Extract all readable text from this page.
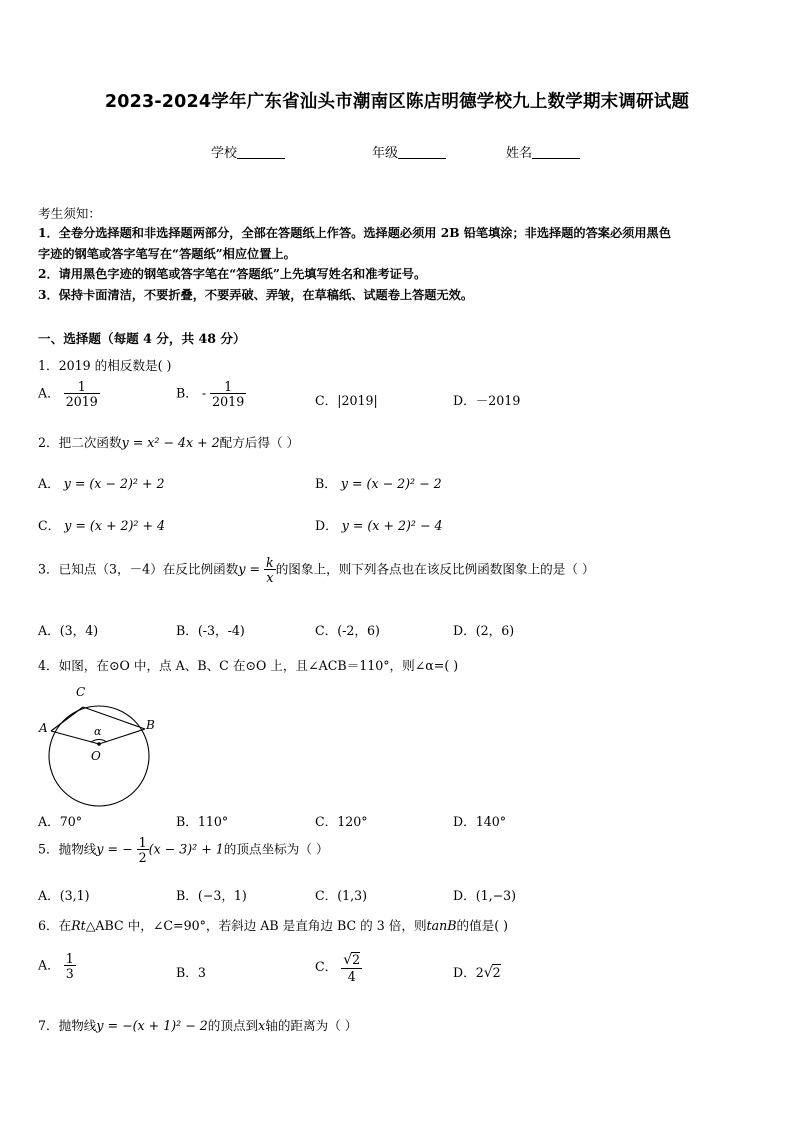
2023-2024学年广东省汕头市潮南区陈店明德学校九上数学期末调研试题
学校	年级	姓名
考生须知：
1．全卷分选择题和非选择题两部分，全部在答题纸上作答。选择题必须用 2B 铅笔填涂；非选择题的答案必须用黑色
字迹的钢笔或答字笔写在“答题纸”相应位置上。
2．请用黑色字迹的钢笔或答字笔在“答题纸”上先填写姓名和准考证号。
3．保持卡面清洁，不要折叠，不要弄破、弄皱，在草稿纸、试题卷上答题无效。
一、选择题（每题 4 分，共 48 分）
1．2019 的相反数是( )
A． $\frac{1}{2019}$	B． - $\frac{1}{2019}$	C．|2019|	D．－2019
2．把二次函数y = x² − 4x + 2配方后得（ ）
A． y = (x − 2)² + 2	B． y = (x − 2)² − 2
C． y = (x + 2)² + 4	D． y = (x + 2)² − 4
3．已知点（3，－4）在反比例函数$y = \frac{k}{x}$ 的图象上，则下列各点也在该反比例函数图象上的是（ ）
A．(3，4)	B．(-3，-4)	C．(-2，6)	D．(2，6)
4．如图，在⊙O 中，点 A、B、C 在⊙O 上，且∠ACB＝110°，则∠α=( )
A
C
B
O
α
A．70°	B．110°	C．120°	D．140°
5．抛物线y = − $\frac{1}{2} (x - 3)^2 + 1$的顶点坐标为（ ）
A．(3,1)	B．(−3，1)	C．(1,3)	D．(1,−3)
6．在Rt△ABC 中，∠C=90°，若斜边 AB 是直角边 BC 的 3 倍，则tanB的值是( )
A． $\frac{1}{3}$	B．3	C． $\frac{√2}{4}$	D．2√2
7．抛物线y = −(x + 1)² − 2的顶点到x轴的距离为（ ）
